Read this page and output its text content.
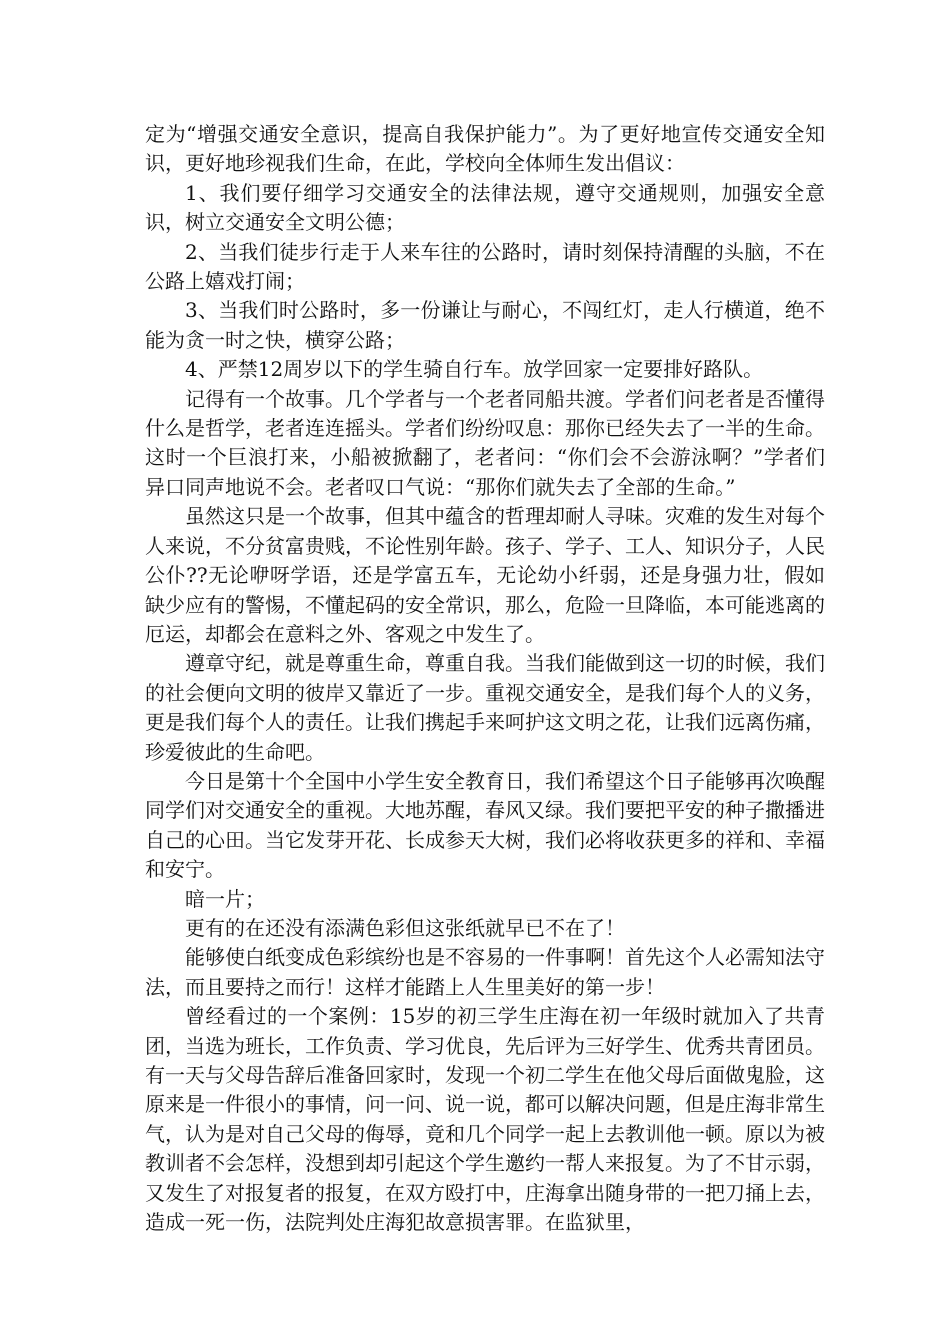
定为“增强交通安全意识，提高自我保护能力”。为了更好地宣传交通安全知识，更好地珍视我们生命，在此，学校向全体师生发出倡议：

1、我们要仔细学习交通安全的法律法规，遵守交通规则，加强安全意识，树立交通安全文明公德；

2、当我们徒步行走于人来车往的公路时，请时刻保持清醒的头脑，不在公路上嬉戏打闹；

3、当我们时公路时，多一份谦让与耐心，不闯红灯，走人行横道，绝不能为贪一时之快，横穿公路；

4、严禁12周岁以下的学生骑自行车。放学回家一定要排好路队。

记得有一个故事。几个学者与一个老者同船共渡。学者们问老者是否懂得什么是哲学，老者连连摇头。学者们纷纷叹息：那你已经失去了一半的生命。这时一个巨浪打来，小船被掀翻了，老者问：“你们会不会游泳啊？”学者们异口同声地说不会。老者叹口气说：“那你们就失去了全部的生命。”

虽然这只是一个故事，但其中蕴含的哲理却耐人寻味。灾难的发生对每个人来说，不分贫富贵贱，不论性别年龄。孩子、学子、工人、知识分子，人民公仆??无论咿呀学语，还是学富五车，无论幼小纤弱，还是身强力壮，假如缺少应有的警惕，不懂起码的安全常识，那么，危险一旦降临，本可能逃离的厄运，却都会在意料之外、客观之中发生了。

遵章守纪，就是尊重生命，尊重自我。当我们能做到这一切的时候，我们的社会便向文明的彼岸又靠近了一步。重视交通安全，是我们每个人的义务，更是我们每个人的责任。让我们携起手来呵护这文明之花，让我们远离伤痛，珍爱彼此的生命吧。

今日是第十个全国中小学生安全教育日，我们希望这个日子能够再次唤醒同学们对交通安全的重视。大地苏醒，春风又绿。我们要把平安的种子撒播进自己的心田。当它发芽开花、长成参天大树，我们必将收获更多的祥和、幸福和安宁。

暗一片；

更有的在还没有添满色彩但这张纸就早已不在了！

能够使白纸变成色彩缤纷也是不容易的一件事啊！首先这个人必需知法守法，而且要持之而行！这样才能踏上人生里美好的第一步！

曾经看过的一个案例：15岁的初三学生庄海在初一年级时就加入了共青团，当选为班长，工作负责、学习优良，先后评为三好学生、优秀共青团员。有一天与父母告辞后准备回家时，发现一个初二学生在他父母后面做鬼脸，这原来是一件很小的事情，问一问、说一说，都可以解决问题，但是庄海非常生气，认为是对自己父母的侮辱，竟和几个同学一起上去教训他一顿。原以为被教训者不会怎样，没想到却引起这个学生邀约一帮人来报复。为了不甘示弱，又发生了对报复者的报复，在双方殴打中，庄海拿出随身带的一把刀捅上去，造成一死一伤，法院判处庄海犯故意损害罪。在监狱里，
